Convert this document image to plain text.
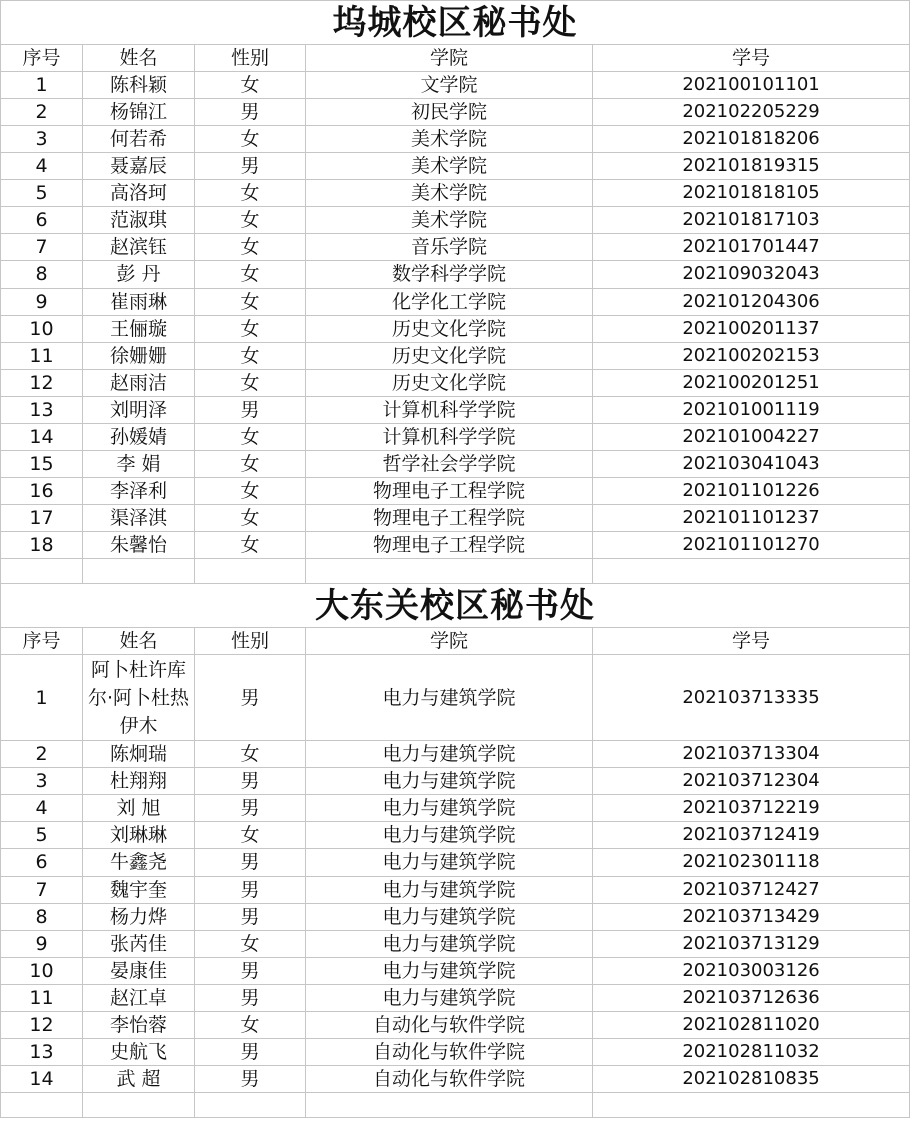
坞城校区秘书处				
序号	姓名	性别	学院	学号
1	陈科颖	女	文学院	202100101101
2	杨锦江	男	初民学院	202102205229
3	何若希	女	美术学院	202101818206
4	聂嘉辰	男	美术学院	202101819315
5	高洛珂	女	美术学院	202101818105
6	范淑琪	女	美术学院	202101817103
7	赵滨钰	女	音乐学院	202101701447
8	彭 丹	女	数学科学学院	202109032043
9	崔雨琳	女	化学化工学院	202101204306
10	王俪璇	女	历史文化学院	202100201137
11	徐姗姗	女	历史文化学院	202100202153
12	赵雨洁	女	历史文化学院	202100201251
13	刘明泽	男	计算机科学学院	202101001119
14	孙媛婧	女	计算机科学学院	202101004227
15	李 娟	女	哲学社会学学院	202103041043
16	李泽利	女	物理电子工程学院	202101101226
17	渠泽淇	女	物理电子工程学院	202101101237
18	朱馨怡	女	物理电子工程学院	202101101270

大东关校区秘书处				
序号	姓名	性别	学院	学号
1	阿卜杜许库尔·阿卜杜热伊木	男	电力与建筑学院	202103713335
2	陈炯瑞	女	电力与建筑学院	202103713304
3	杜翔翔	男	电力与建筑学院	202103712304
4	刘 旭	男	电力与建筑学院	202103712219
5	刘琳琳	女	电力与建筑学院	202103712419
6	牛鑫尧	男	电力与建筑学院	202102301118
7	魏宇奎	男	电力与建筑学院	202103712427
8	杨力烨	男	电力与建筑学院	202103713429
9	张芮佳	女	电力与建筑学院	202103713129
10	晏康佳	男	电力与建筑学院	202103003126
11	赵江卓	男	电力与建筑学院	202103712636
12	李怡蓉	女	自动化与软件学院	202102811020
13	史航飞	男	自动化与软件学院	202102811032
14	武 超	男	自动化与软件学院	202102810835
